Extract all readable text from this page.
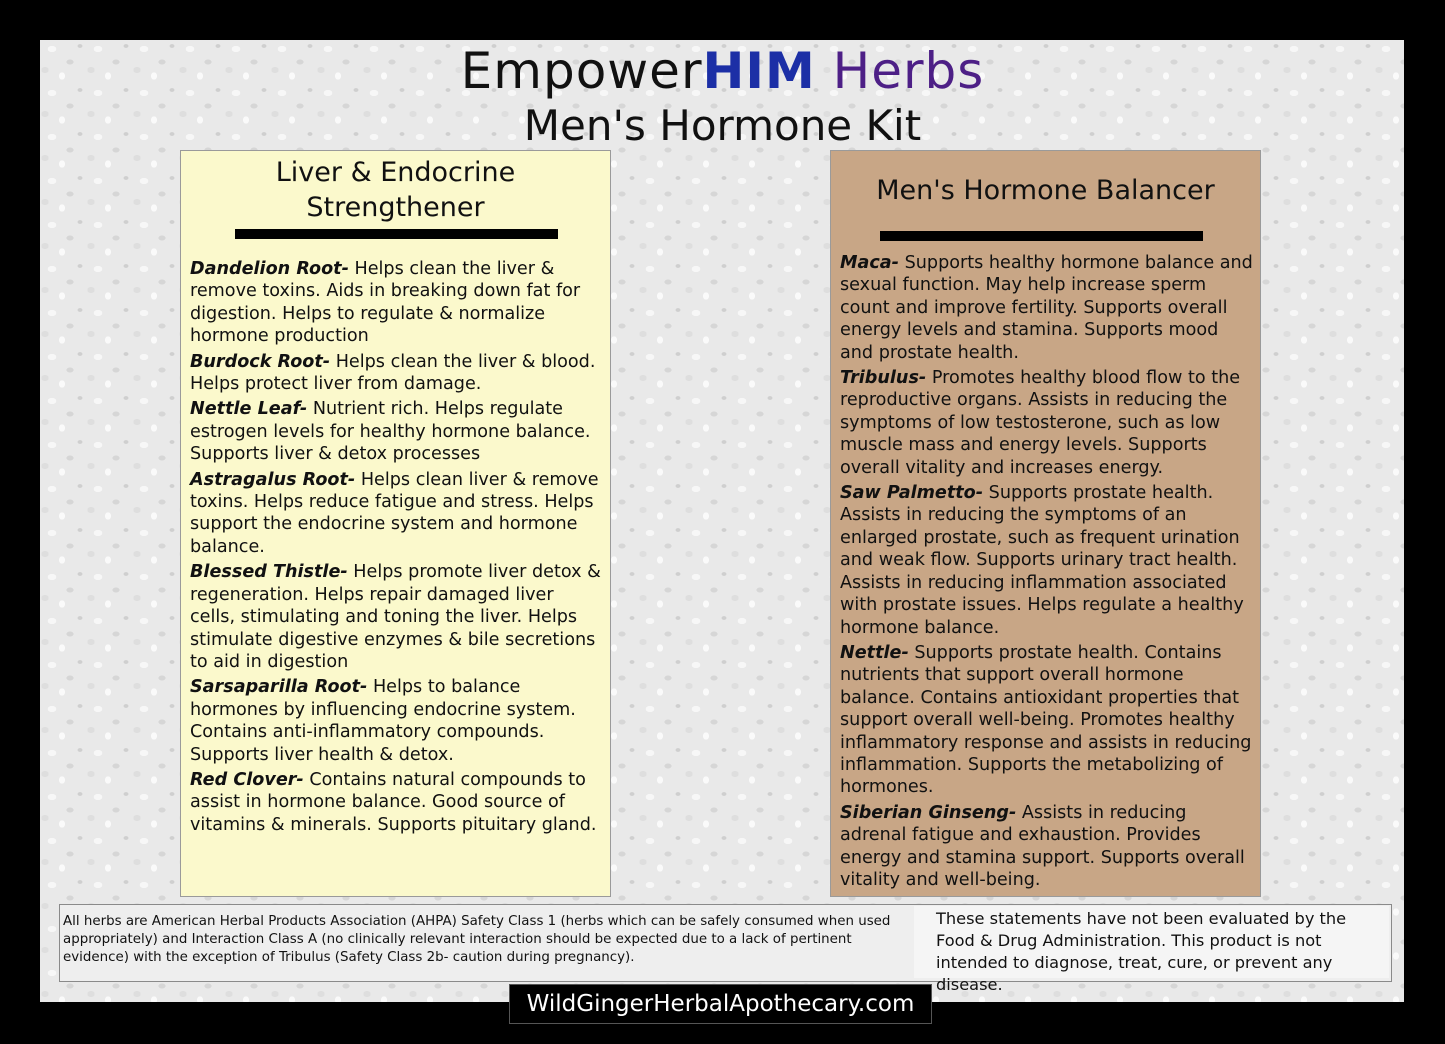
EmpowerHIM Herbs
Men's Hormone Kit
Liver & Endocrine
Strengthener
Dandelion Root- Helps clean the liver & remove toxins. Aids in breaking down fat for digestion. Helps to regulate & normalize hormone production
Burdock Root- Helps clean the liver & blood. Helps protect liver from damage.
Nettle Leaf- Nutrient rich. Helps regulate estrogen levels for healthy hormone balance. Supports liver & detox processes
Astragalus Root- Helps clean liver & remove toxins. Helps reduce fatigue and stress. Helps support the endocrine system and hormone balance.
Blessed Thistle- Helps promote liver detox & regeneration. Helps repair damaged liver cells, stimulating and toning the liver. Helps stimulate digestive enzymes & bile secretions to aid in digestion
Sarsaparilla Root- Helps to balance hormones by influencing endocrine system. Contains anti-inflammatory compounds. Supports liver health & detox.
Red Clover- Contains natural compounds to assist in hormone balance. Good source of vitamins & minerals. Supports pituitary gland.
Men's Hormone Balancer
Maca- Supports healthy hormone balance and sexual function. May help increase sperm count and improve fertility. Supports overall energy levels and stamina. Supports mood and prostate health.
Tribulus- Promotes healthy blood flow to the reproductive organs. Assists in reducing the symptoms of low testosterone, such as low muscle mass and energy levels. Supports overall vitality and increases energy.
Saw Palmetto- Supports prostate health. Assists in reducing the symptoms of an enlarged prostate, such as frequent urination and weak flow. Supports urinary tract health. Assists in reducing inflammation associated with prostate issues. Helps regulate a healthy hormone balance.
Nettle- Supports prostate health. Contains nutrients that support overall hormone balance. Contains antioxidant properties that support overall well-being. Promotes healthy inflammatory response and assists in reducing inflammation. Supports the metabolizing of hormones.
Siberian Ginseng- Assists in reducing adrenal fatigue and exhaustion. Provides energy and stamina support. Supports overall vitality and well-being.
All herbs are American Herbal Products Association (AHPA) Safety Class 1 (herbs which can be safely consumed when used appropriately) and Interaction Class A (no clinically relevant interaction should be expected due to a lack of pertinent evidence) with the exception of Tribulus (Safety Class 2b- caution during pregnancy).
These statements have not been evaluated by the Food & Drug Administration. This product is not intended to diagnose, treat, cure, or prevent any disease.
WildGingerHerbalApothecary.com
